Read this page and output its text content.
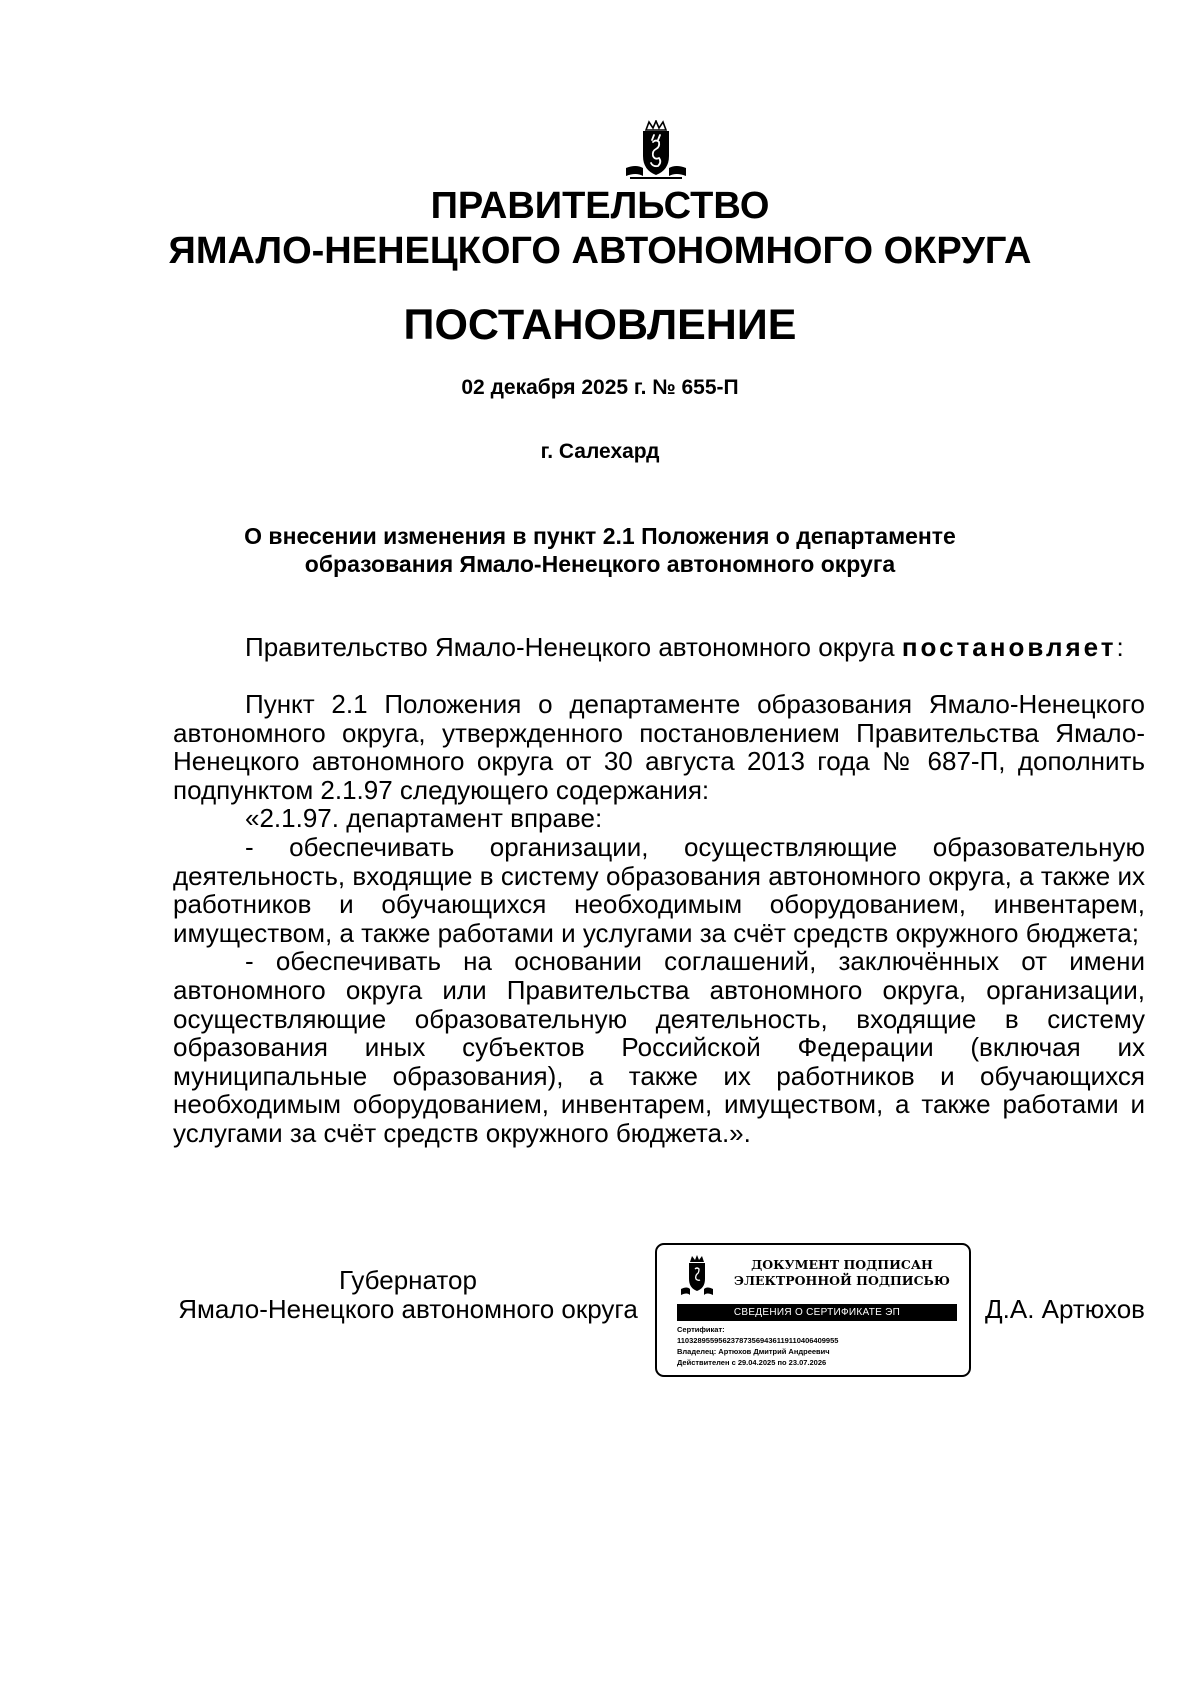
ПРАВИТЕЛЬСТВО
ЯМАЛО-НЕНЕЦКОГО АВТОНОМНОГО ОКРУГА
ПОСТАНОВЛЕНИЕ
02 декабря 2025 г. № 655-П
г. Салехард
О внесении изменения в пункт 2.1 Положения о департаменте
образования Ямало-Ненецкого автономного округа
Правительство Ямало-Ненецкого автономного округа постановляет:

Пункт 2.1 Положения о департаменте образования Ямало-Ненецкого автономного округа, утвержденного постановлением Правительства Ямало-Ненецкого автономного округа от 30 августа 2013 года № 687-П, дополнить подпунктом 2.1.97 следующего содержания:

«2.1.97. департамент вправе:

- обеспечивать организации, осуществляющие образовательную деятельность, входящие в систему образования автономного округа, а также их работников и обучающихся необходимым оборудованием, инвентарем, имуществом, а также работами и услугами за счёт средств окружного бюджета;

- обеспечивать на основании соглашений, заключённых от имени автономного округа или Правительства автономного округа, организации, осуществляющие образовательную деятельность, входящие в систему образования иных субъектов Российской Федерации (включая их муниципальные образования), а также их работников и обучающихся необходимым оборудованием, инвентарем, имуществом, а также работами и услугами за счёт средств окружного бюджета.».

Губернатор
Ямало-Ненецкого автономного округа
ДОКУМЕНТ ПОДПИСАН
ЭЛЕКТРОННОЙ ПОДПИСЬЮ
СВЕДЕНИЯ О СЕРТИФИКАТЕ ЭП
Сертификат:
110328955956237873569436119110406409955
Владелец: Артюхов Дмитрий Андреевич
Действителен с 29.04.2025 по 23.07.2026
Д.А. Артюхов
